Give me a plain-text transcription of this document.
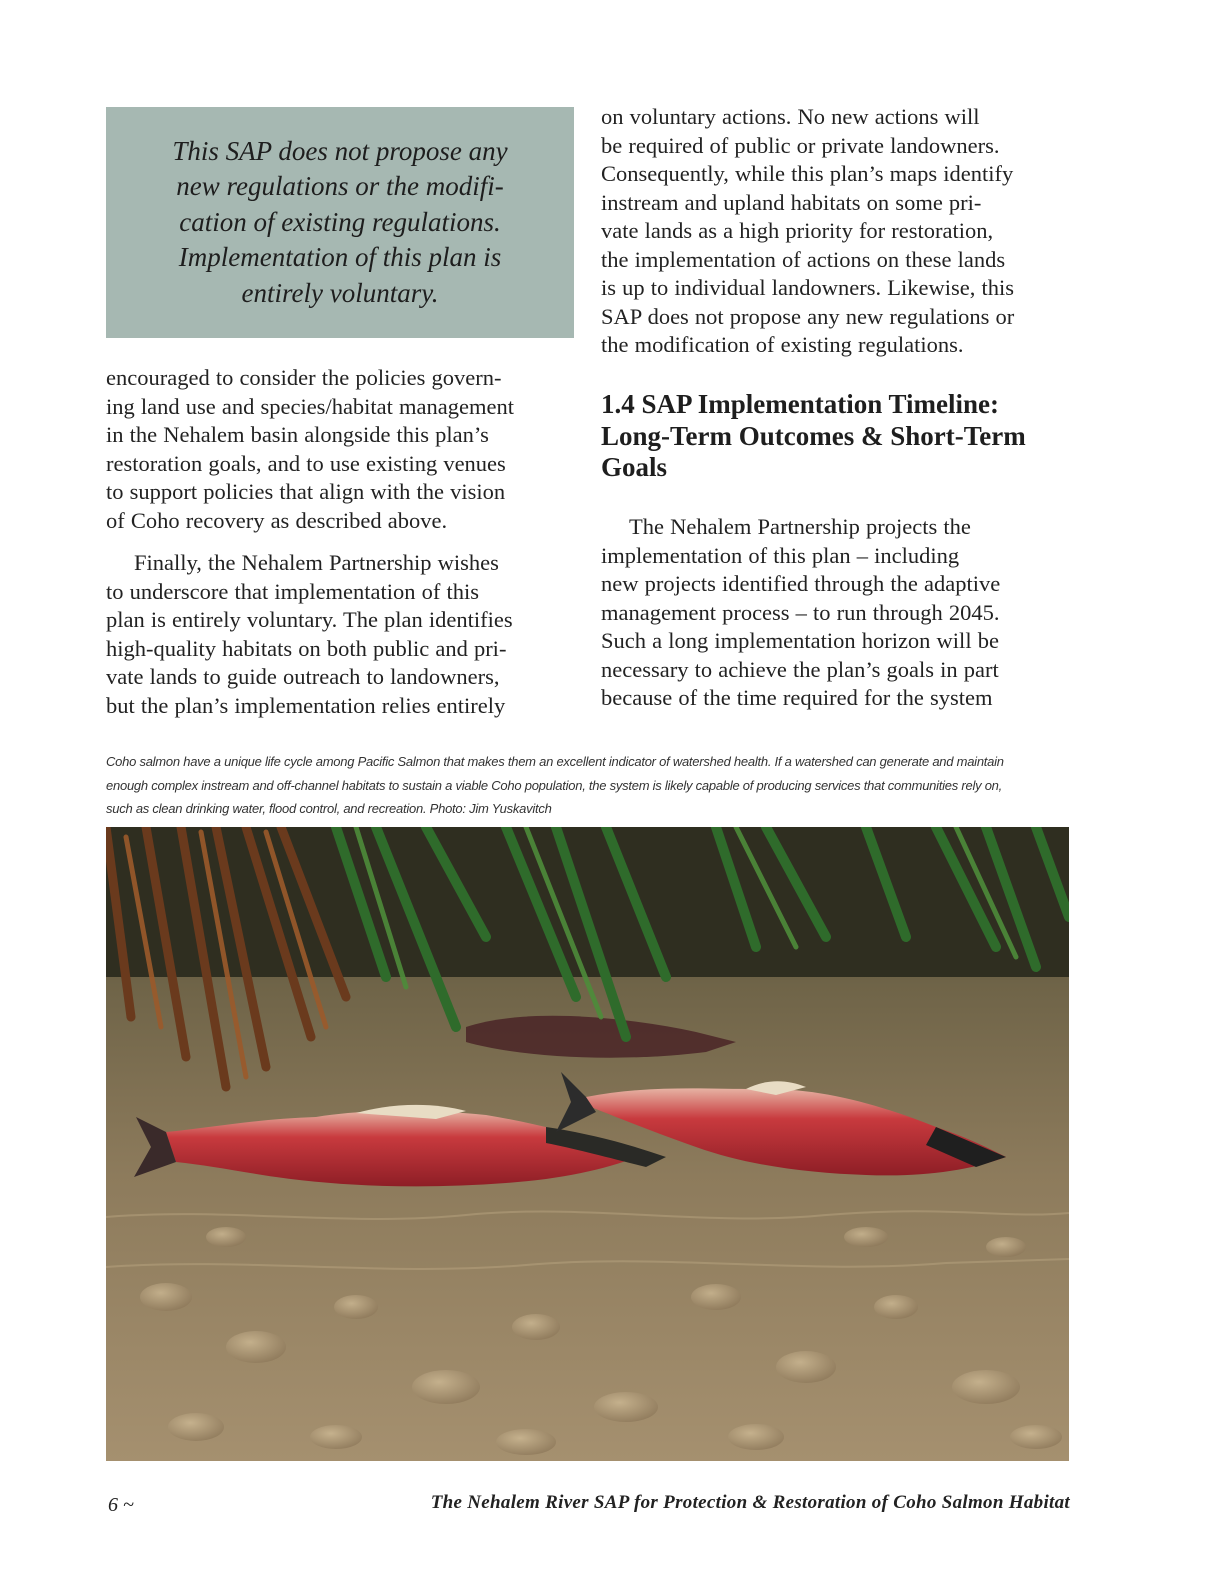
This SAP does not propose any
new regulations or the modifi-
cation of existing regulations.
Implementation of this plan is
entirely voluntary.

encouraged to consider the policies govern-
ing land use and species/habitat management
in the Nehalem basin alongside this plan’s
restoration goals, and to use existing venues
to support policies that align with the vision
of Coho recovery as described above.

Finally, the Nehalem Partnership wishes
to underscore that implementation of this
plan is entirely voluntary. The plan identifies
high-quality habitats on both public and pri-
vate lands to guide outreach to landowners,
but the plan’s implementation relies entirely

on voluntary actions. No new actions will
be required of public or private landowners.
Consequently, while this plan’s maps identify
instream and upland habitats on some pri-
vate lands as a high priority for restoration,
the implementation of actions on these lands
is up to individual landowners. Likewise, this
SAP does not propose any new regulations or
the modification of existing regulations.

1.4 SAP Implementation Timeline:
Long-Term Outcomes & Short-Term
Goals

The Nehalem Partnership projects the
implementation of this plan – including
new projects identified through the adaptive
management process – to run through 2045.
Such a long implementation horizon will be
necessary to achieve the plan’s goals in part
because of the time required for the system

Coho salmon have a unique life cycle among Pacific Salmon that makes them an excellent indicator of watershed health. If a watershed can generate and maintain
enough complex instream and off-channel habitats to sustain a viable Coho population, the system is likely capable of producing services that communities rely on,
such as clean drinking water, flood control, and recreation. Photo: Jim Yuskavitch

6 ~	The Nehalem River SAP for Protection & Restoration of Coho Salmon Habitat
